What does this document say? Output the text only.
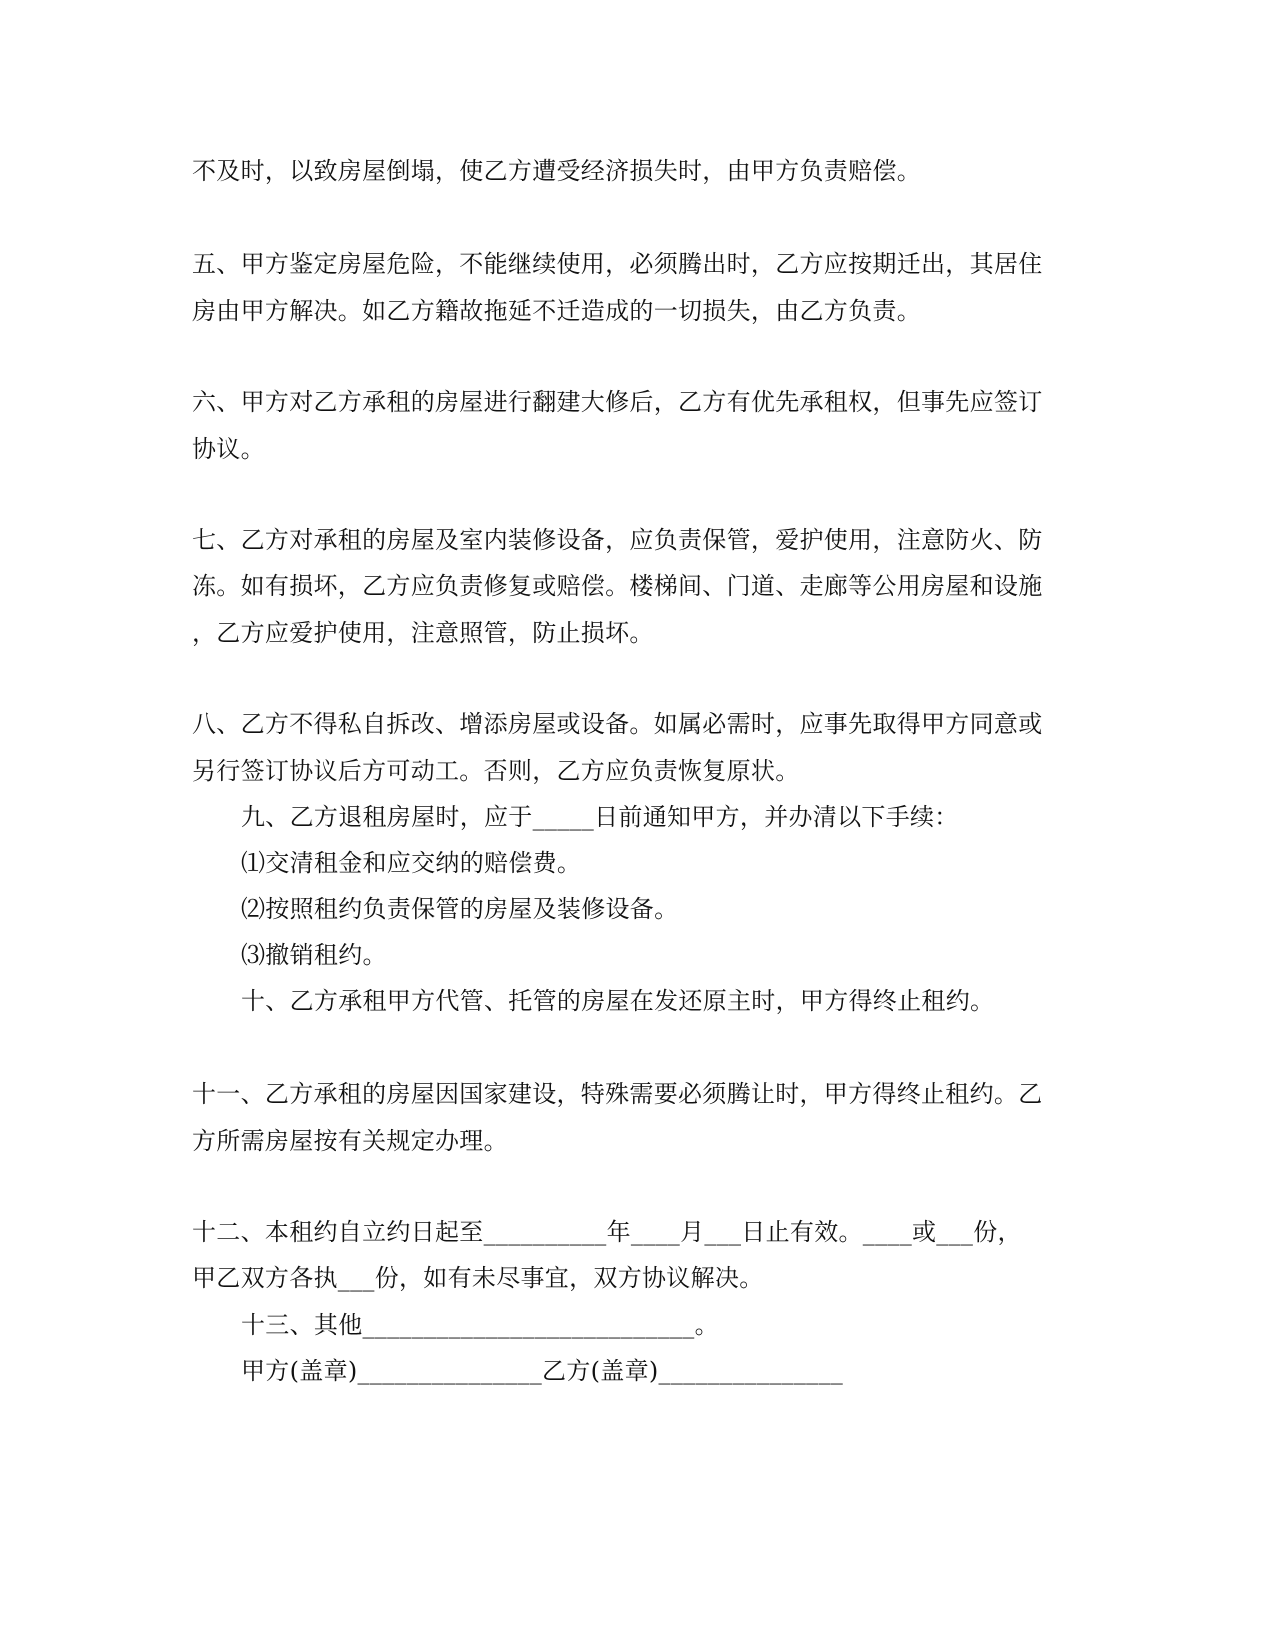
不及时，以致房屋倒塌，使乙方遭受经济损失时，由甲方负责赔偿。
五、甲方鉴定房屋危险，不能继续使用，必须腾出时，乙方应按期迁出，其居住
房由甲方解决。如乙方籍故拖延不迁造成的一切损失，由乙方负责。
六、甲方对乙方承租的房屋进行翻建大修后，乙方有优先承租权，但事先应签订
协议。
七、乙方对承租的房屋及室内装修设备，应负责保管，爱护使用，注意防火、防
冻。如有损坏，乙方应负责修复或赔偿。楼梯间、门道、走廊等公用房屋和设施
，乙方应爱护使用，注意照管，防止损坏。
八、乙方不得私自拆改、增添房屋或设备。如属必需时，应事先取得甲方同意或
另行签订协议后方可动工。否则，乙方应负责恢复原状。
九、乙方退租房屋时，应于_____日前通知甲方，并办清以下手续：
⑴交清租金和应交纳的赔偿费。
⑵按照租约负责保管的房屋及装修设备。
⑶撤销租约。
十、乙方承租甲方代管、托管的房屋在发还原主时，甲方得终止租约。
十一、乙方承租的房屋因国家建设，特殊需要必须腾让时，甲方得终止租约。乙
方所需房屋按有关规定办理。
十二、本租约自立约日起至__________年____月___日止有效。____或___份，
甲乙双方各执___份，如有未尽事宜，双方协议解决。
十三、其他___________________________。
甲方(盖章)_______________乙方(盖章)_______________
